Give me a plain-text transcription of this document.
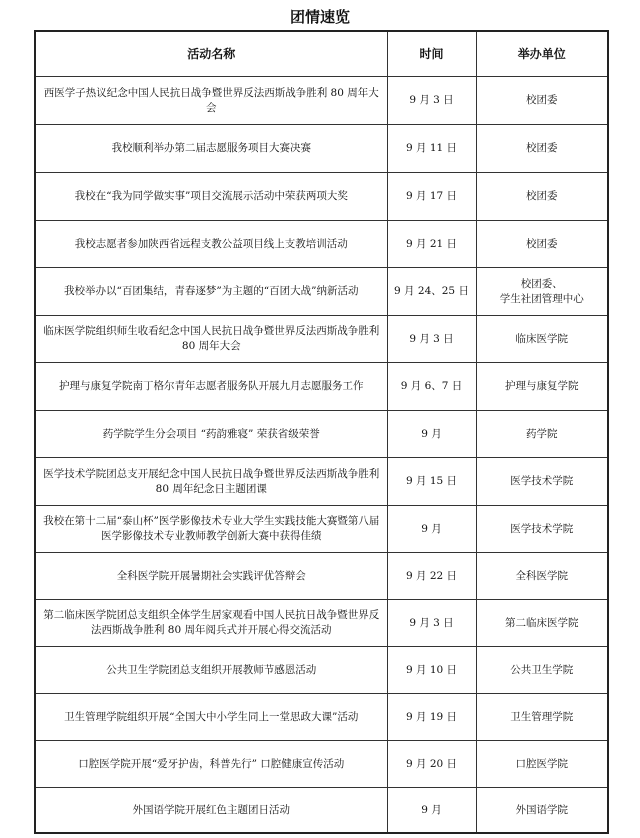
团情速览
活动名称	时间	举办单位
西医学子热议纪念中国人民抗日战争暨世界反法西斯战争胜利 80 周年大会	9 月 3 日	校团委
我校顺利举办第二届志愿服务项目大赛决赛	9 月 11 日	校团委
我校在“我为同学做实事”项目交流展示活动中荣获两项大奖	9 月 17 日	校团委
我校志愿者参加陕西省远程支教公益项目线上支教培训活动	9 月 21 日	校团委
我校举办以“百团集结，青春逐梦”为主题的“百团大战”纳新活动	9 月 24、25 日	校团委、
学生社团管理中心
临床医学院组织师生收看纪念中国人民抗日战争暨世界反法西斯战争胜利 80 周年大会	9 月 3 日	临床医学院
护理与康复学院南丁格尔青年志愿者服务队开展九月志愿服务工作	9 月 6、7 日	护理与康复学院
药学院学生分会项目 “药韵雅寝” 荣获省级荣誉	9 月	药学院
医学技术学院团总支开展纪念中国人民抗日战争暨世界反法西斯战争胜利 80 周年纪念日主题团课	9 月 15 日	医学技术学院
我校在第十二届“泰山杯”医学影像技术专业大学生实践技能大赛暨第八届医学影像技术专业教师教学创新大赛中获得佳绩	9 月	医学技术学院
全科医学院开展暑期社会实践评优答辩会	9 月 22 日	全科医学院
第二临床医学院团总支组织全体学生居家观看中国人民抗日战争暨世界反法西斯战争胜利 80 周年阅兵式并开展心得交流活动	9 月 3 日	第二临床医学院
公共卫生学院团总支组织开展教师节感恩活动	9 月 10 日	公共卫生学院
卫生管理学院组织开展“全国大中小学生同上一堂思政大课”活动	9 月 19 日	卫生管理学院
口腔医学院开展“爱牙护齿，科普先行” 口腔健康宣传活动	9 月 20 日	口腔医学院
外国语学院开展红色主题团日活动	9 月	外国语学院
